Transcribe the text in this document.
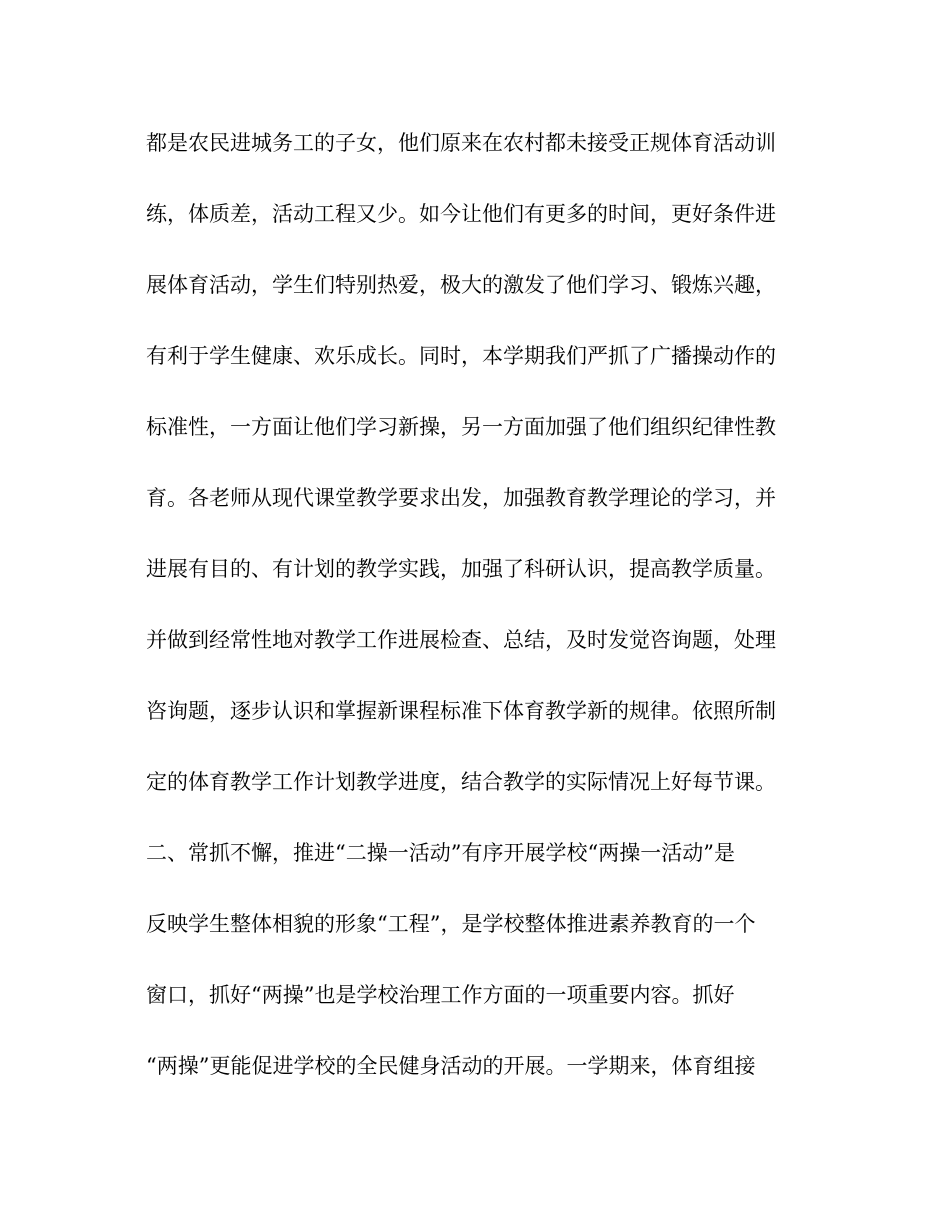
都是农民进城务工的子女，他们原来在农村都未接受正规体育活动训
练，体质差，活动工程又少。如今让他们有更多的时间，更好条件进
展体育活动，学生们特别热爱，极大的激发了他们学习、锻炼兴趣，
有利于学生健康、欢乐成长。同时，本学期我们严抓了广播操动作的
标准性，一方面让他们学习新操，另一方面加强了他们组织纪律性教
育。各老师从现代课堂教学要求出发，加强教育教学理论的学习，并
进展有目的、有计划的教学实践，加强了科研认识，提高教学质量。
并做到经常性地对教学工作进展检查、总结，及时发觉咨询题，处理
咨询题，逐步认识和掌握新课程标准下体育教学新的规律。依照所制
定的体育教学工作计划教学进度，结合教学的实际情况上好每节课。
二、常抓不懈，推进“二操一活动”有序开展学校“两操一活动”是
反映学生整体相貌的形象“工程”，是学校整体推进素养教育的一个
窗口，抓好“两操”也是学校治理工作方面的一项重要内容。抓好
“两操”更能促进学校的全民健身活动的开展。一学期来，体育组接
